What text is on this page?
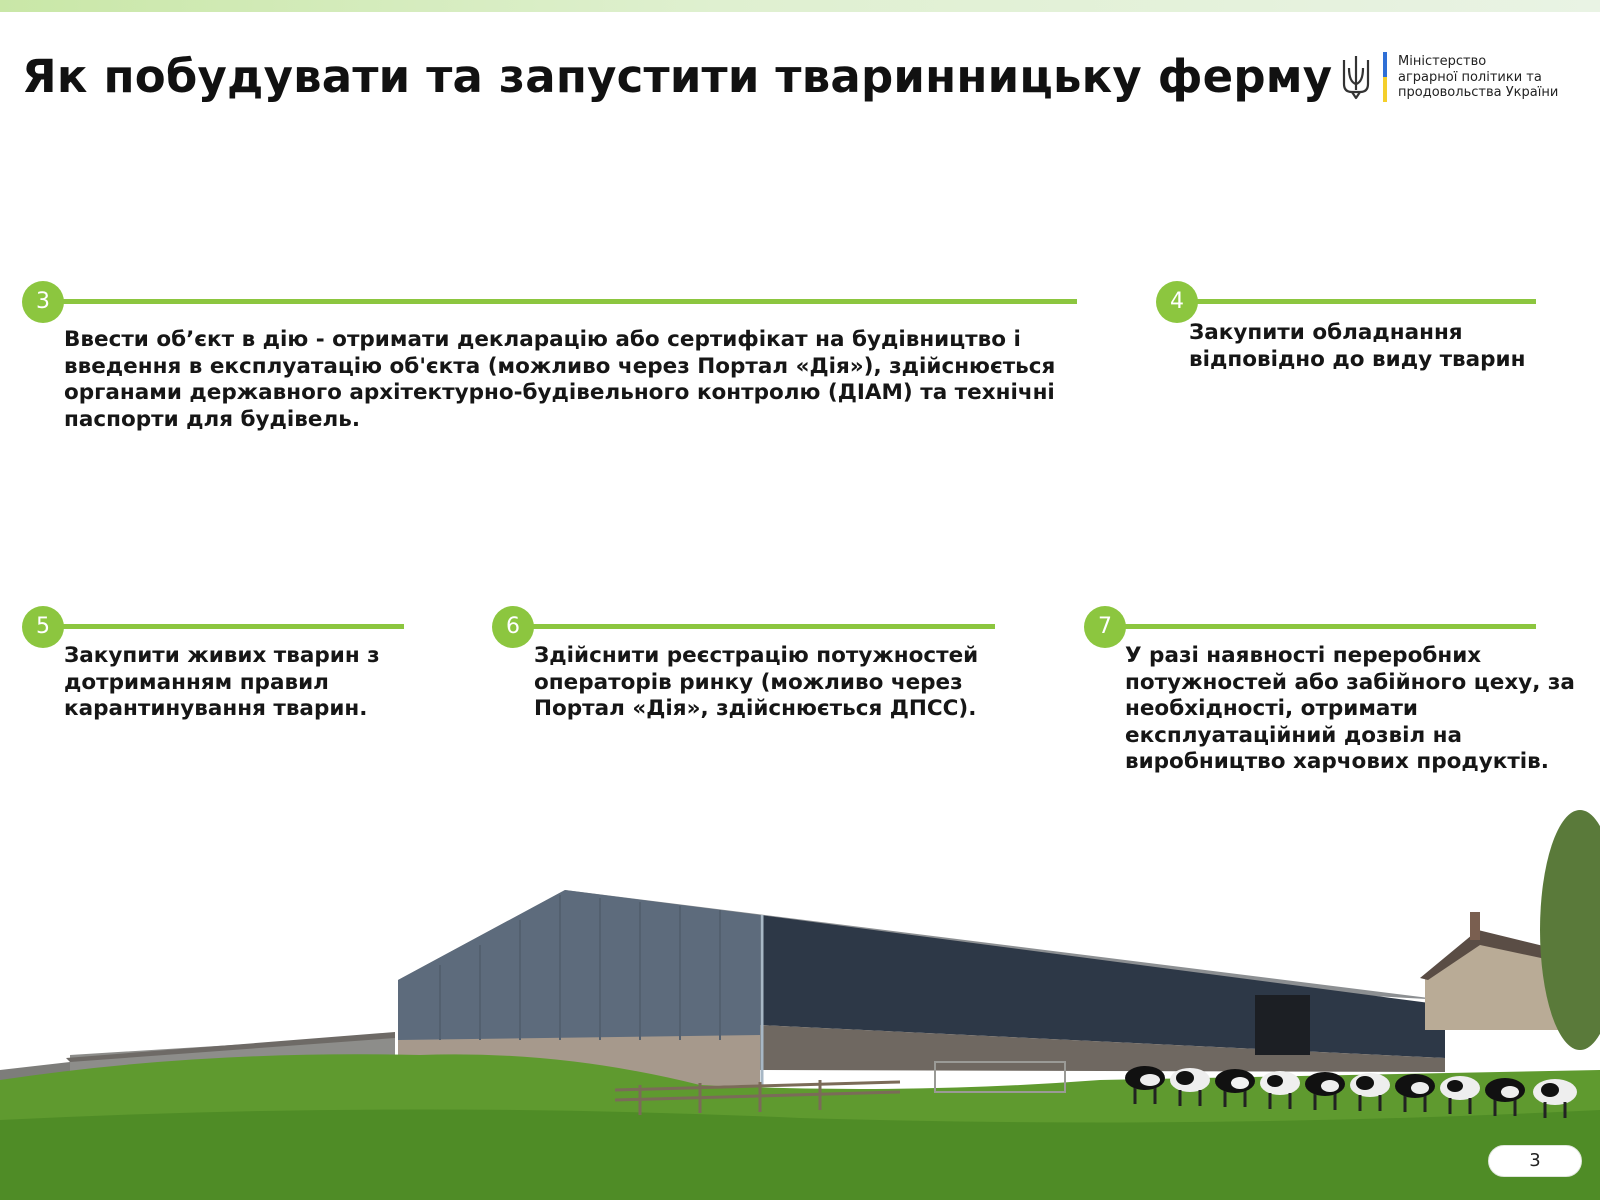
Як побудувати та запустити тваринницьку ферму	Міністерство
аграрної політики та
продовольства України
3

Ввести об’єкт в дію - отримати декларацію або сертифікат на будівництво і введення в експлуатацію об'єкта (можливо через Портал «Дія»), здійснюється органами державного архітектурно-будівельного контролю (ДІАМ) та технічні паспорти для будівель.

4

Закупити обладнання відповідно до виду тварин

5

Закупити живих тварин з дотриманням правил карантинування тварин.

6

Здійснити реєстрацію потужностей операторів ринку (можливо через Портал «Дія», здійснюється ДПСС).

7

У разі наявності переробних потужностей або забійного цеху, за необхідності, отримати експлуатаційний дозвіл на виробництво харчових продуктів.

3
